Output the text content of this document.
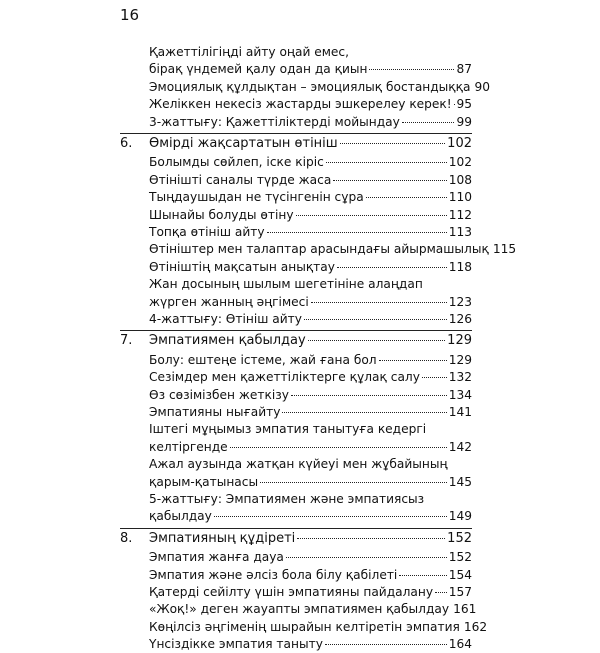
16
Қажеттілігіңді айту оңай емес,
бірақ үндемей қалу одан да қиын	87
Эмоциялық құлдықтан – эмоциялық бостандыққа 90
Желіккен некесіз жастарды эшкерелеу керек! 95
3-жаттығу: Қажеттіліктерді мойындау	99
6.	Өмірді жақсартатын өтініш	102
Болымды сөйлеп, іске кіріс	102
Өтінішті саналы түрде жаса	108
Тыңдаушыдан не түсінгенін сұра	110
Шынайы болуды өтіну	112
Топқа өтініш айту	113
Өтініштер мен талаптар арасындағы айырмашылық 115
Өтініштің мақсатын анықтау	118
Жан досының шылым шегетініне алаңдап
жүрген жанның әңгімесі	123
4-жаттығу: Өтініш айту	126
7.	Эмпатиямен қабылдау	129
Болу: ештеңе істеме, жай ғана бол	129
Сезімдер мен қажеттіліктерге құлақ салу 132
Өз сөзімізбен жеткізу	134
Эмпатияны нығайту	141
Іштегі мұңымыз эмпатия танытуға кедергі
келтіргенде	142
Ажал аузында жатқан күйеуі мен жұбайының
қарым-қатынасы	145
5-жаттығу: Эмпатиямен және эмпатиясыз
қабылдау	149
8.	Эмпатияның құдіреті	152
Эмпатия жанға дауа	152
Эмпатия және әлсіз бола білу қабілеті	154
Қатерді сейілту үшін эмпатияны пайдалану 157
«Жоқ!» деген жауапты эмпатиямен қабылдау 161
Көңілсіз әңгіменің шырайын келтіретін эмпатия 162
Үнсіздікке эмпатия таныту	164
